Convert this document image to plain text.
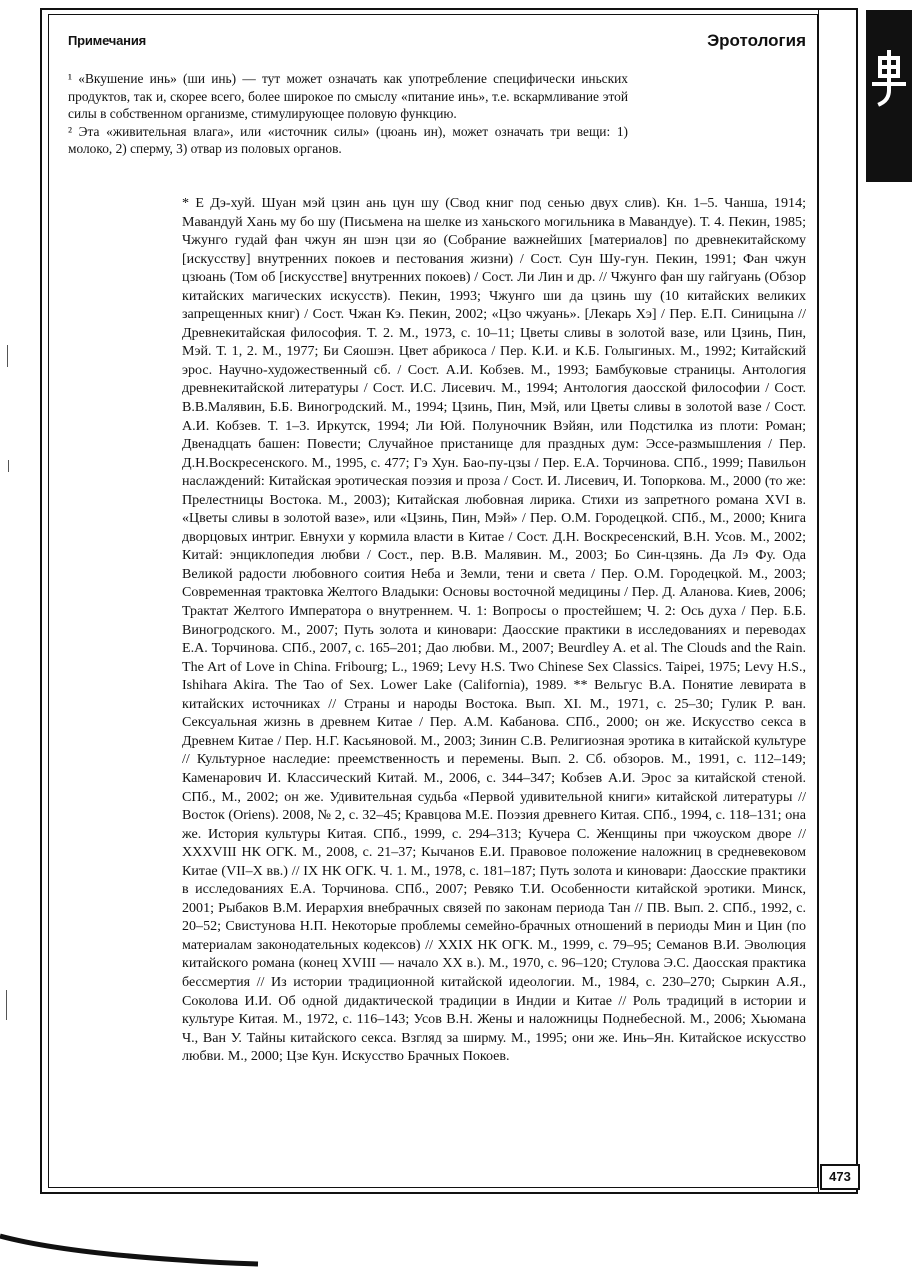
Примечания	Эротология

¹ «Вкушение инь» (ши инь) — тут может означать как употребление специфически иньских продуктов, так и, скорее всего, более широкое по смыслу «питание инь», т.е. вскармливание этой силы в собственном организме, стимулирующее половую функцию.

² Эта «живительная влага», или «источник силы» (цюань ин), может означать три вещи: 1) молоко, 2) сперму, 3) отвар из половых органов.

* Е Дэ-хуй. Шуан мэй цзин ань цун шу (Свод книг под сенью двух слив). Кн. 1–5. Чанша, 1914; Мавандуй Хань му бо шу (Письмена на шелке из ханьского могильника в Мавандуе). Т. 4. Пекин, 1985; Чжунго гудай фан чжун ян шэн цзи яо (Собрание важнейших [материалов] по древнекитайскому [искусству] внутренних покоев и пестования жизни) / Сост. Сун Шу-гун. Пекин, 1991; Фан чжун цзюань (Том об [искусстве] внутренних покоев) / Сост. Ли Лин и др. // Чжунго фан шу гайгуань (Обзор китайских магических искусств). Пекин, 1993; Чжунго ши да цзинь шу (10 китайских великих запрещенных книг) / Сост. Чжан Кэ. Пекин, 2002; «Цзо чжуань». [Лекарь Хэ] / Пер. Е.П. Синицына // Древнекитайская философия. Т. 2. М., 1973, с. 10–11; Цветы сливы в золотой вазе, или Цзинь, Пин, Мэй. Т. 1, 2. М., 1977; Би Сяошэн. Цвет абрикоса / Пер. К.И. и К.Б. Голыгиных. М., 1992; Китайский эрос. Научно-художественный сб. / Сост. А.И. Кобзев. М., 1993; Бамбуковые страницы. Антология древнекитайской литературы / Сост. И.С. Лисевич. М., 1994; Антология даосской философии / Сост. В.В.Малявин, Б.Б. Виногродский. М., 1994; Цзинь, Пин, Мэй, или Цветы сливы в золотой вазе / Сост. А.И. Кобзев. Т. 1–3. Иркутск, 1994; Ли Юй. Полуночник Вэйян, или Подстилка из плоти: Роман; Двенадцать башен: Повести; Случайное пристанище для праздных дум: Эссе-размышления / Пер. Д.Н.Воскресенского. М., 1995, с. 477; Гэ Хун. Бао-пу-цзы / Пер. Е.А. Торчинова. СПб., 1999; Павильон наслаждений: Китайская эротическая поэзия и проза / Сост. И. Лисевич, И. Топоркова. М., 2000 (то же: Прелестницы Востока. М., 2003); Китайская любовная лирика. Стихи из запретного романа XVI в. «Цветы сливы в золотой вазе», или «Цзинь, Пин, Мэй» / Пер. О.М. Городецкой. СПб., М., 2000; Книга дворцовых интриг. Евнухи у кормила власти в Китае / Сост. Д.Н. Воскресенский, В.Н. Усов. М., 2002; Китай: энциклопедия любви / Сост., пер. В.В. Малявин. М., 2003; Бо Син-цзянь. Да Лэ Фу. Ода Великой радости любовного соития Неба и Земли, тени и света / Пер. О.М. Городецкой. М., 2003; Современная трактовка Желтого Владыки: Основы восточной медицины / Пер. Д. Аланова. Киев, 2006; Трактат Желтого Императора о внутреннем. Ч. 1: Вопросы о простейшем; Ч. 2: Ось духа / Пер. Б.Б. Виногродского. М., 2007; Путь золота и киновари: Даосские практики в исследованиях и переводах Е.А. Торчинова. СПб., 2007, с. 165–201; Дао любви. М., 2007; Beurdley A. et al. The Clouds and the Rain. The Art of Love in China. Fribourg; L., 1969; Levy H.S. Two Chinese Sex Classics. Taipei, 1975; Levy H.S., Ishihara Akira. The Tao of Sex. Lower Lake (California), 1989. ** Вельгус В.А. Понятие левирата в китайских источниках // Страны и народы Востока. Вып. XI. М., 1971, с. 25–30; Гулик Р. ван. Сексуальная жизнь в древнем Китае / Пер. А.М. Кабанова. СПб., 2000; он же. Искусство секса в Древнем Китае / Пер. Н.Г. Касьяновой. М., 2003; Зинин С.В. Религиозная эротика в китайской культуре // Культурное наследие: преемственность и перемены. Вып. 2. Сб. обзоров. М., 1991, с. 112–149; Каменарович И. Классический Китай. М., 2006, с. 344–347; Кобзев А.И. Эрос за китайской стеной. СПб., М., 2002; он же. Удивительная судьба «Первой удивительной книги» китайской литературы // Восток (Oriens). 2008, № 2, с. 32–45; Кравцова М.Е. Поэзия древнего Китая. СПб., 1994, с. 118–131; она же. История культуры Китая. СПб., 1999, с. 294–313; Кучера С. Женщины при чжоуском дворе // XXXVIII НК ОГК. М., 2008, с. 21–37; Кычанов Е.И. Правовое положение наложниц в средневековом Китае (VII–X вв.) // IX НК ОГК. Ч. 1. М., 1978, с. 181–187; Путь золота и киновари: Даосские практики в исследованиях Е.А. Торчинова. СПб., 2007; Ревяко Т.И. Особенности китайской эротики. Минск, 2001; Рыбаков В.М. Иерархия внебрачных связей по законам периода Тан // ПВ. Вып. 2. СПб., 1992, с. 20–52; Свистунова Н.П. Некоторые проблемы семейно-брачных отношений в периоды Мин и Цин (по материалам законодательных кодексов) // XXIX НК ОГК. М., 1999, с. 79–95; Семанов В.И. Эволюция китайского романа (конец XVIII — начало XX в.). М., 1970, с. 96–120; Стулова Э.С. Даосская практика бессмертия // Из истории традиционной китайской идеологии. М., 1984, с. 230–270; Сыркин А.Я., Соколова И.И. Об одной дидактической традиции в Индии и Китае // Роль традиций в истории и культуре Китая. М., 1972, с. 116–143; Усов В.Н. Жены и наложницы Поднебесной. М., 2006; Хьюмана Ч., Ван У. Тайны китайского секса. Взгляд за ширму. М., 1995; они же. Инь–Ян. Китайское искусство любви. М., 2000; Цзе Кун. Искусство Брачных Покоев.

473
